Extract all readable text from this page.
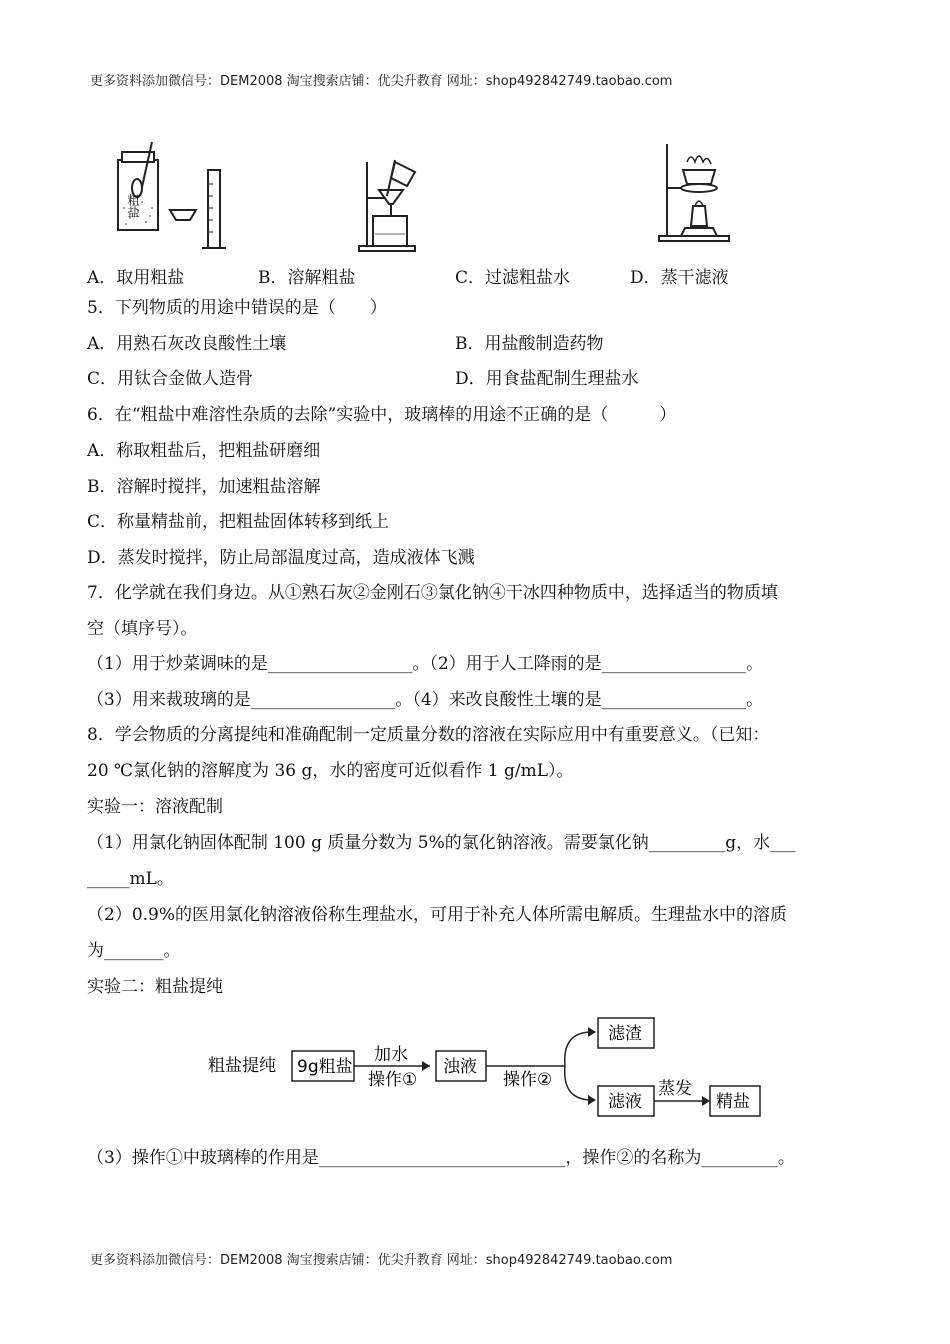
更多资料添加微信号：DEM2008 淘宝搜索店铺：优尖升教育 网址：shop492842749.taobao.com
粗盐
A．取用粗盐	B．溶解粗盐	C．过滤粗盐水	D．蒸干滤液
5．下列物质的用途中错误的是（　　）
A．用熟石灰改良酸性土壤	B．用盐酸制造药物
C．用钛合金做人造骨	D．用食盐配制生理盐水
6．在“粗盐中难溶性杂质的去除”实验中，玻璃棒的用途不正确的是（　　　）
A．称取粗盐后，把粗盐研磨细
B．溶解时搅拌，加速粗盐溶解
C．称量精盐前，把粗盐固体转移到纸上
D．蒸发时搅拌，防止局部温度过高，造成液体飞溅
7．化学就在我们身边。从①熟石灰②金刚石③氯化钠④干冰四种物质中，选择适当的物质填
空（填序号）。
（1）用于炒菜调味的是_________________。（2）用于人工降雨的是_________________。
（3）用来裁玻璃的是_________________。（4）来改良酸性土壤的是_________________。
8．学会物质的分离提纯和准确配制一定质量分数的溶液在实际应用中有重要意义。（已知：
20 ℃氯化钠的溶解度为 36 g，水的密度可近似看作 1 g/mL）。
实验一：溶液配制
（1）用氯化钠固体配制 100 g 质量分数为 5%的氯化钠溶液。需要氯化钠_________g，水___
_____mL。
（2）0.9%的医用氯化钠溶液俗称生理盐水，可用于补充人体所需电解质。生理盐水中的溶质
为_______。
实验二：粗盐提纯
粗盐提纯 9g粗盐
加水
操作①
浊液
操作②
滤渣
滤液
蒸发
精盐
（3）操作①中玻璃棒的作用是_____________________________，操作②的名称为_________。
更多资料添加微信号：DEM2008 淘宝搜索店铺：优尖升教育 网址：shop492842749.taobao.com
